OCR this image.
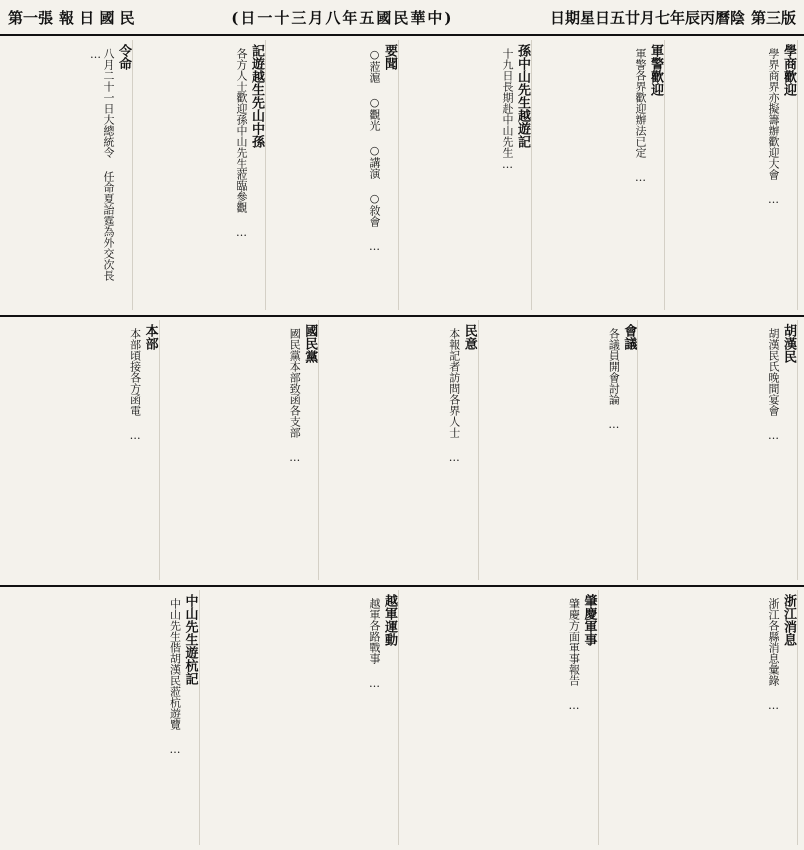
第一張 報 日 國 民	(日一十三月八年五國民華中)	日期星日五廿月七年辰丙曆陰 第三版
令命
八月二十一日大總統令 任命夏詒霆為外交次長 …	記遊越生先山中孫
各方人士歡迎孫中山先生蒞臨參觀 …	要聞
○蒞滬 ○觀光 ○講演 ○敘會 …	孫中山先生越遊記
十九日長期赴中山先生…	軍警歡迎
軍警各界歡迎辦法已定 …	學商歡迎
學界商界亦擬籌辦歡迎大會 …
本部
本部頃接各方函電 …	國民黨
國民黨本部致函各支部 …	民意
本報記者訪問各界人士 …	會議
各議員開會討論 …	胡漢民
胡漢民氏晚間宴會 …
中山先生遊杭記
中山先生偕胡漢民蒞杭遊覽 …	越軍運動
越軍各路戰事 …	肇慶軍事
肇慶方面軍事報告 …	浙江消息
浙江各縣消息彙錄 …
